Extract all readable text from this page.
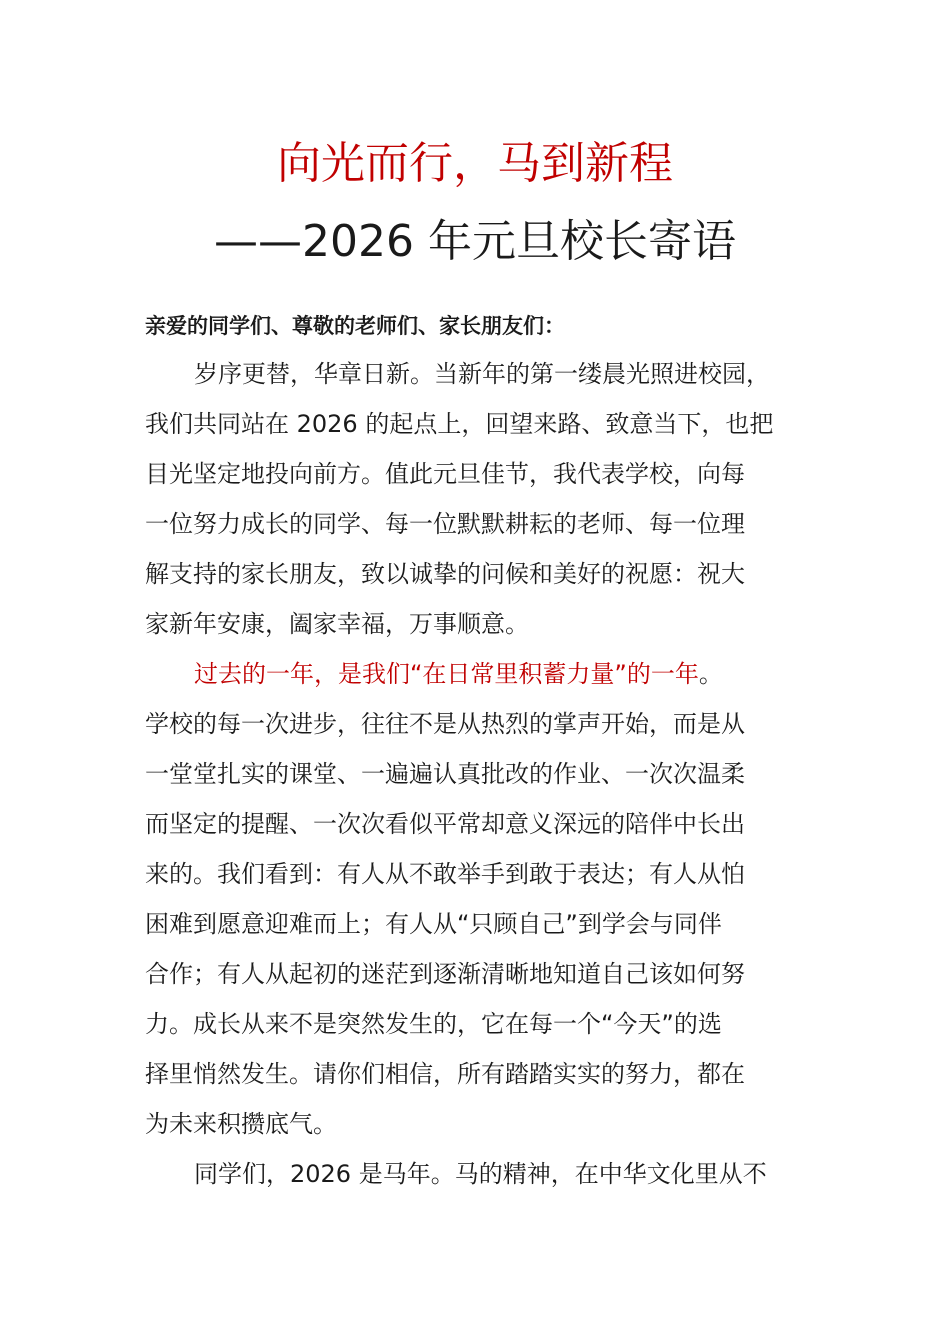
向光而行，马到新程
——2026 年元旦校长寄语
亲爱的同学们、尊敬的老师们、家长朋友们：
岁序更替，华章日新。当新年的第一缕晨光照进校园，
我们共同站在 2026 的起点上，回望来路、致意当下，也把
目光坚定地投向前方。值此元旦佳节，我代表学校，向每
一位努力成长的同学、每一位默默耕耘的老师、每一位理
解支持的家长朋友，致以诚挚的问候和美好的祝愿：祝大
家新年安康，阖家幸福，万事顺意。
过去的一年，是我们“在日常里积蓄力量”的一年。
学校的每一次进步，往往不是从热烈的掌声开始，而是从
一堂堂扎实的课堂、一遍遍认真批改的作业、一次次温柔
而坚定的提醒、一次次看似平常却意义深远的陪伴中长出
来的。我们看到：有人从不敢举手到敢于表达；有人从怕
困难到愿意迎难而上；有人从“只顾自己”到学会与同伴
合作；有人从起初的迷茫到逐渐清晰地知道自己该如何努
力。成长从来不是突然发生的，它在每一个“今天”的选
择里悄然发生。请你们相信，所有踏踏实实的努力，都在
为未来积攒底气。
同学们，2026 是马年。马的精神，在中华文化里从不
